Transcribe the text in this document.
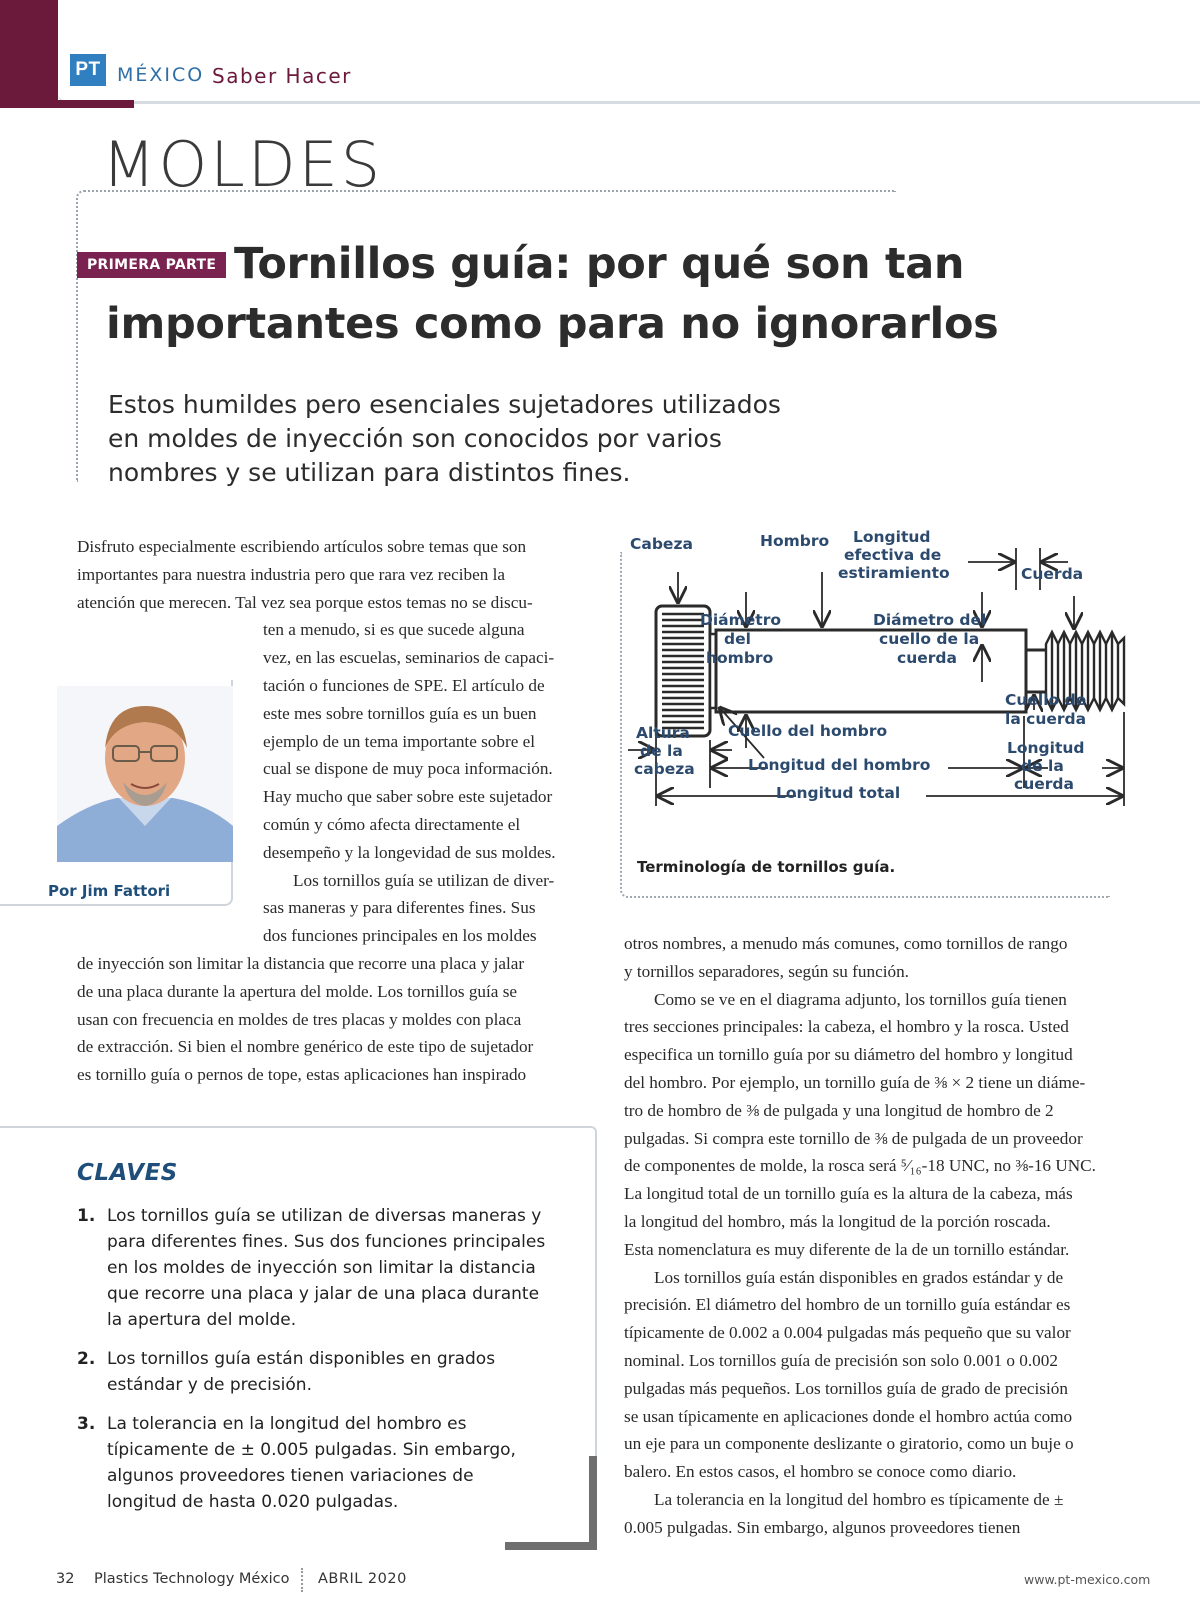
PT MÉXICO Saber Hacer
MOLDES
PRIMERA PARTE Tornillos guía: por qué son tan importantes como para no ignorarlos

Estos humildes pero esenciales sujetadores utilizados en moldes de inyección son conocidos por varios nombres y se utilizan para distintos fines.

Por Jim Fattori
Disfruto especialmente escribiendo artículos sobre temas que son
importantes para nuestra industria pero que rara vez reciben la
atención que merecen. Tal vez sea porque estos temas no se discu-
ten a menudo, si es que sucede alguna
vez, en las escuelas, seminarios de capaci-
tación o funciones de SPE. El artículo de
este mes sobre tornillos guía es un buen
ejemplo de un tema importante sobre el
cual se dispone de muy poca información.
Hay mucho que saber sobre este sujetador
común y cómo afecta directamente el
desempeño y la longevidad de sus moldes.
Los tornillos guía se utilizan de diver-
sas maneras y para diferentes fines. Sus
dos funciones principales en los moldes
de inyección son limitar la distancia que recorre una placa y jalar
de una placa durante la apertura del molde. Los tornillos guía se
usan con frecuencia en moldes de tres placas y moldes con placa
de extracción. Si bien el nombre genérico de este tipo de sujetador
es tornillo guía o pernos de tope, estas aplicaciones han inspirado
Cabeza	Hombro Longitud
efectiva de
estiramiento	Cuerda
Diámetro
del
hombro
Diámetro del
cuello de la
cuerda
Cuello de
la cuerda
Altura
de la
cabeza
Cuello del hombro
Longitud
de la
cuerda
Longitud del hombro
Longitud total
Terminología de tornillos guía.
otros nombres, a menudo más comunes, como tornillos de rango
y tornillos separadores, según su función.
Como se ve en el diagrama adjunto, los tornillos guía tienen
tres secciones principales: la cabeza, el hombro y la rosca. Usted
especifica un tornillo guía por su diámetro del hombro y longitud
del hombro. Por ejemplo, un tornillo guía de ⅜ × 2 tiene un diáme-
tro de hombro de ⅜ de pulgada y una longitud de hombro de 2
pulgadas. Si compra este tornillo de ⅜ de pulgada de un proveedor
de componentes de molde, la rosca será ⁵⁄₁₆-18 UNC, no ⅜-16 UNC.
La longitud total de un tornillo guía es la altura de la cabeza, más
la longitud del hombro, más la longitud de la porción roscada.
Esta nomenclatura es muy diferente de la de un tornillo estándar.
Los tornillos guía están disponibles en grados estándar y de
precisión. El diámetro del hombro de un tornillo guía estándar es
típicamente de 0.002 a 0.004 pulgadas más pequeño que su valor
nominal. Los tornillos guía de precisión son solo 0.001 o 0.002
pulgadas más pequeños. Los tornillos guía de grado de precisión
se usan típicamente en aplicaciones donde el hombro actúa como
un eje para un componente deslizante o giratorio, como un buje o
balero. En estos casos, el hombro se conoce como diario.
La tolerancia en la longitud del hombro es típicamente de ±
0.005 pulgadas. Sin embargo, algunos proveedores tienen
CLAVES
1. Los tornillos guía se utilizan de diversas maneras y para diferentes fines. Sus dos funciones principales en los moldes de inyección son limitar la distancia que recorre una placa y jalar de una placa durante la apertura del molde.
2. Los tornillos guía están disponibles en grados estándar y de precisión.
3. La tolerancia en la longitud del hombro es típicamente de ± 0.005 pulgadas. Sin embargo, algunos proveedores tienen variaciones de longitud de hasta 0.020 pulgadas.
32 Plastics Technology México ABRIL 2020	www.pt-mexico.com
